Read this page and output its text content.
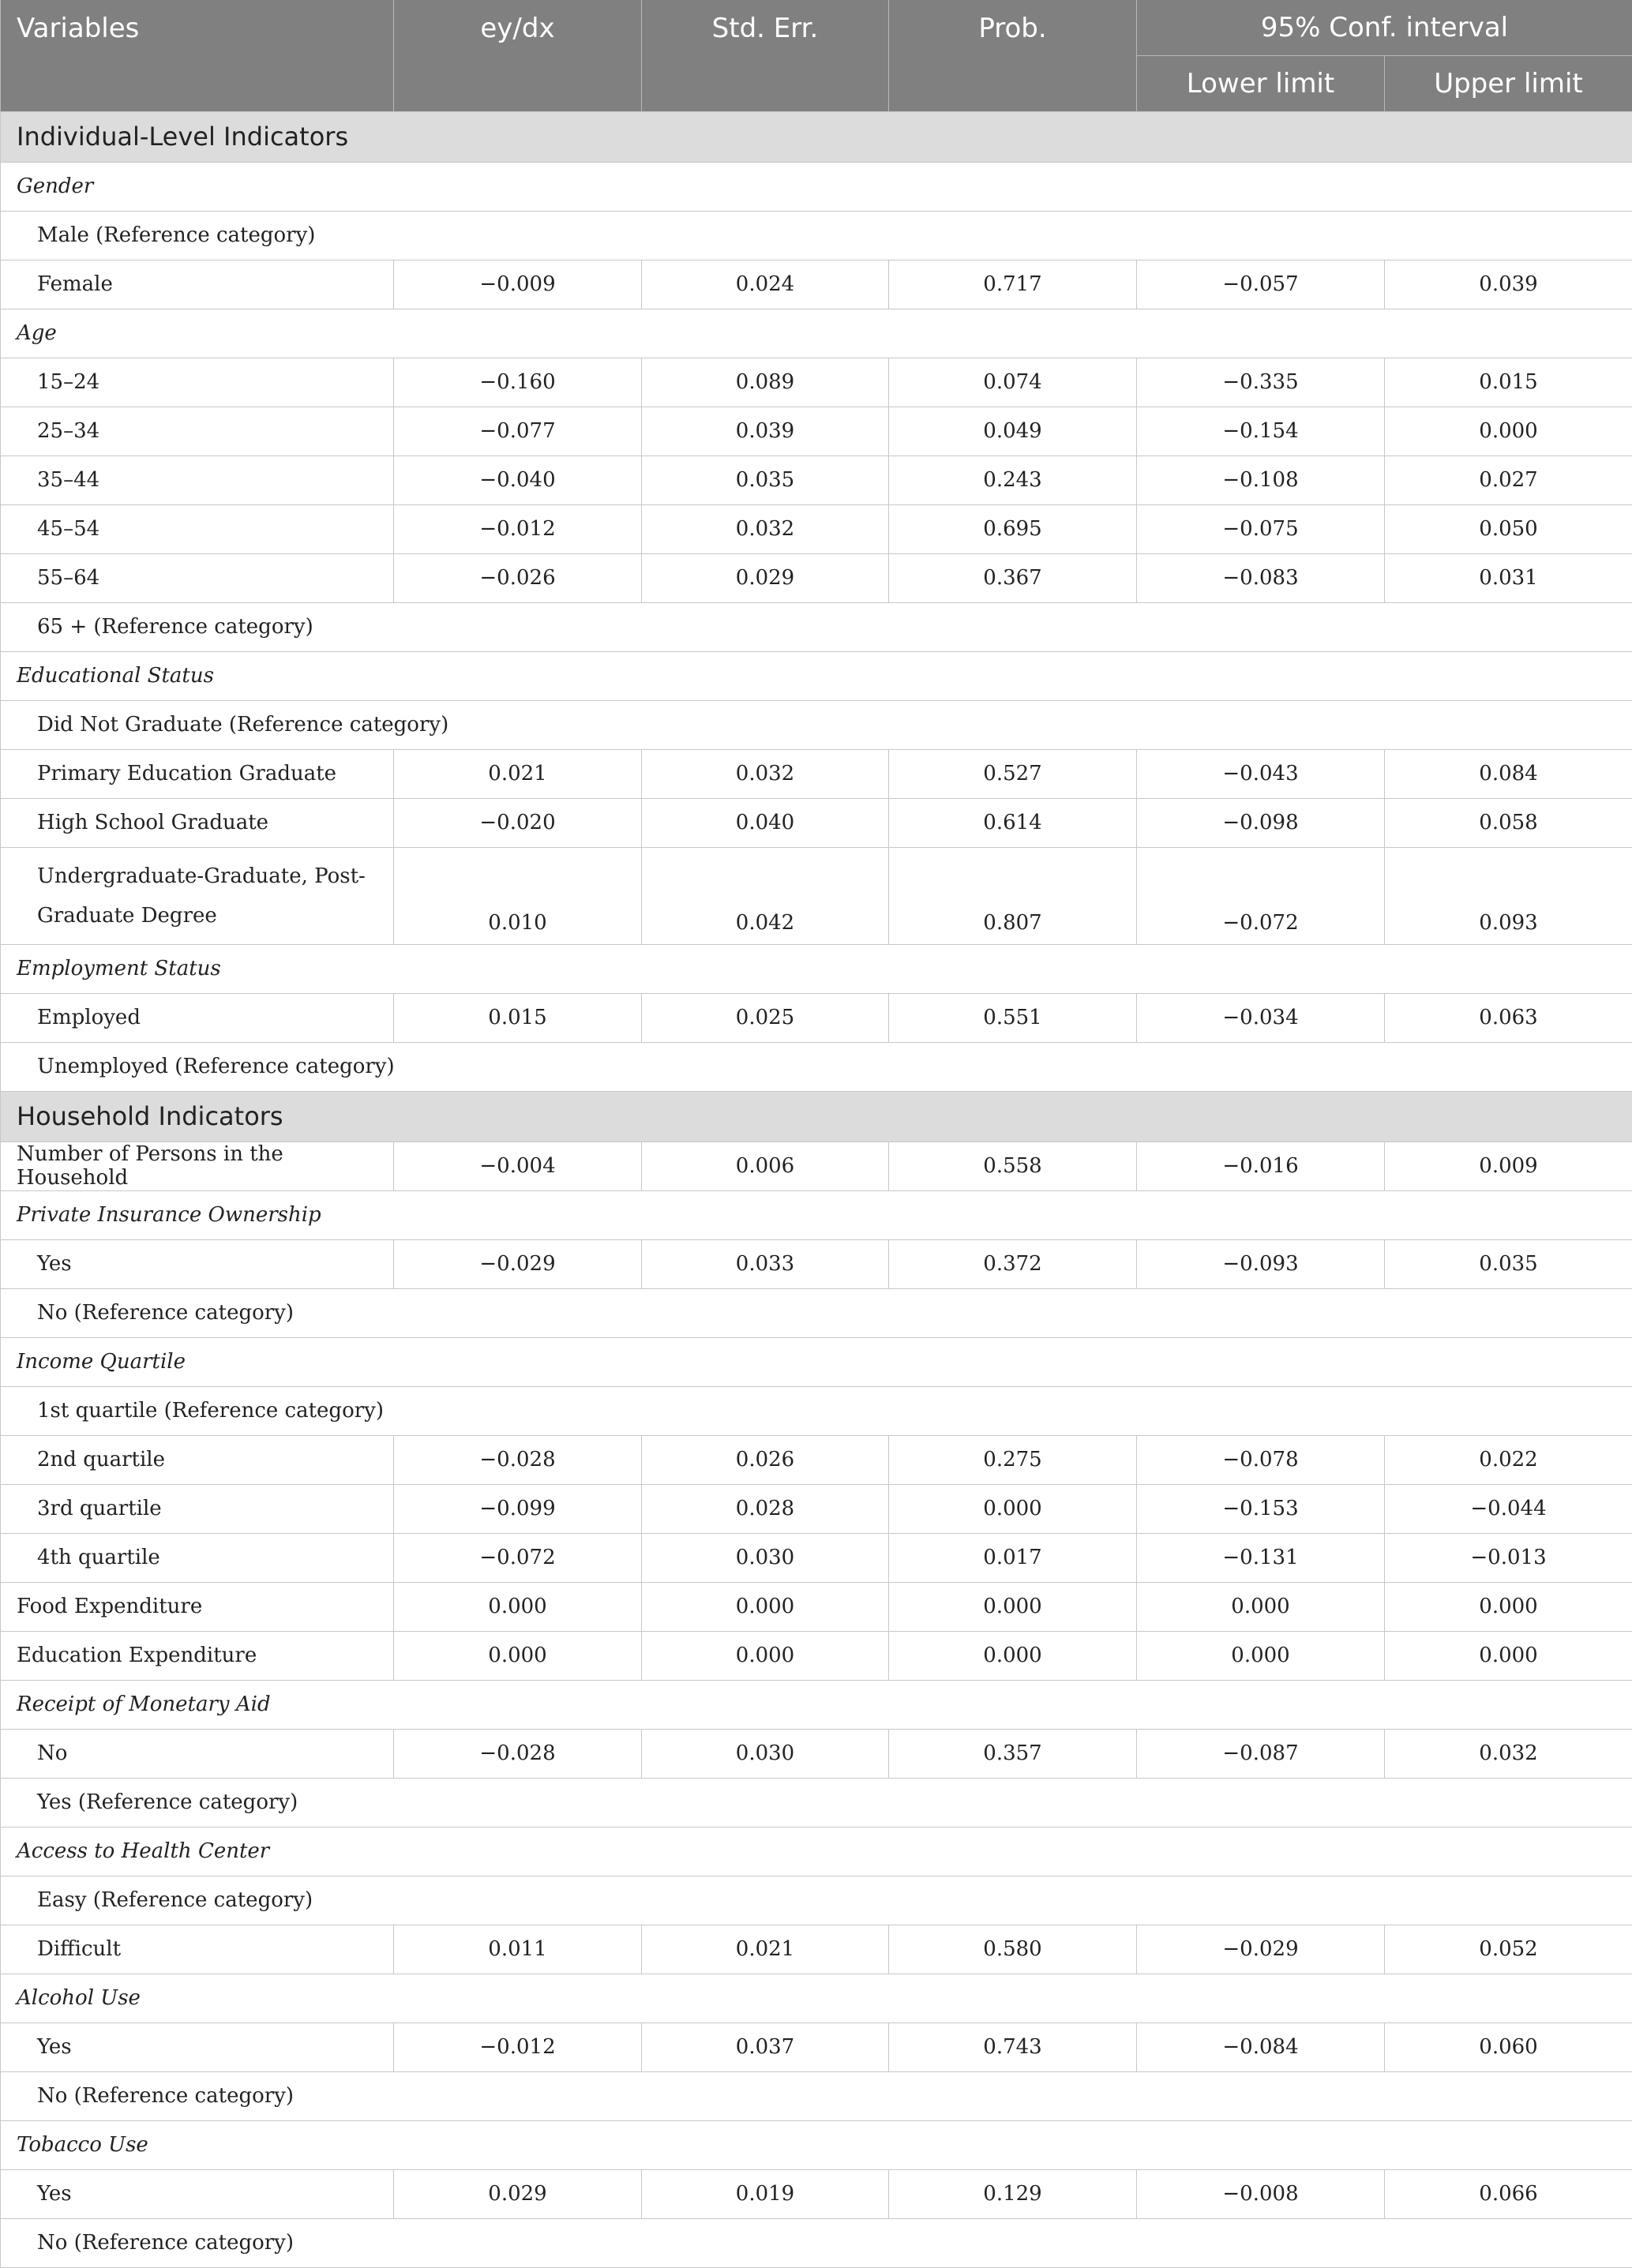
Variables	ey/dx	Std. Err.	Prob.	95% Conf. interval	
				Lower limit	Upper limit
Individual-Level Indicators					
Gender					
Male (Reference category)					
Female	−0.009	0.024	0.717	−0.057	0.039
Age					
15–24	−0.160	0.089	0.074	−0.335	0.015
25–34	−0.077	0.039	0.049	−0.154	0.000
35–44	−0.040	0.035	0.243	−0.108	0.027
45–54	−0.012	0.032	0.695	−0.075	0.050
55–64	−0.026	0.029	0.367	−0.083	0.031
65 + (Reference category)					
Educational Status					
Did Not Graduate (Reference category)					
Primary Education Graduate	0.021	0.032	0.527	−0.043	0.084
High School Graduate	−0.020	0.040	0.614	−0.098	0.058
Undergraduate-Graduate, Post-Graduate Degree	0.010	0.042	0.807	−0.072	0.093
Employment Status					
Employed	0.015	0.025	0.551	−0.034	0.063
Unemployed (Reference category)					
Household Indicators					
Number of Persons in the Household	−0.004	0.006	0.558	−0.016	0.009
Private Insurance Ownership					
Yes	−0.029	0.033	0.372	−0.093	0.035
No (Reference category)					
Income Quartile					
1st quartile (Reference category)					
2nd quartile	−0.028	0.026	0.275	−0.078	0.022
3rd quartile	−0.099	0.028	0.000	−0.153	−0.044
4th quartile	−0.072	0.030	0.017	−0.131	−0.013
Food Expenditure	0.000	0.000	0.000	0.000	0.000
Education Expenditure	0.000	0.000	0.000	0.000	0.000
Receipt of Monetary Aid					
No	−0.028	0.030	0.357	−0.087	0.032
Yes (Reference category)					
Access to Health Center					
Easy (Reference category)					
Difficult	0.011	0.021	0.580	−0.029	0.052
Alcohol Use					
Yes	−0.012	0.037	0.743	−0.084	0.060
No (Reference category)					
Tobacco Use					
Yes	0.029	0.019	0.129	−0.008	0.066
No (Reference category)					
